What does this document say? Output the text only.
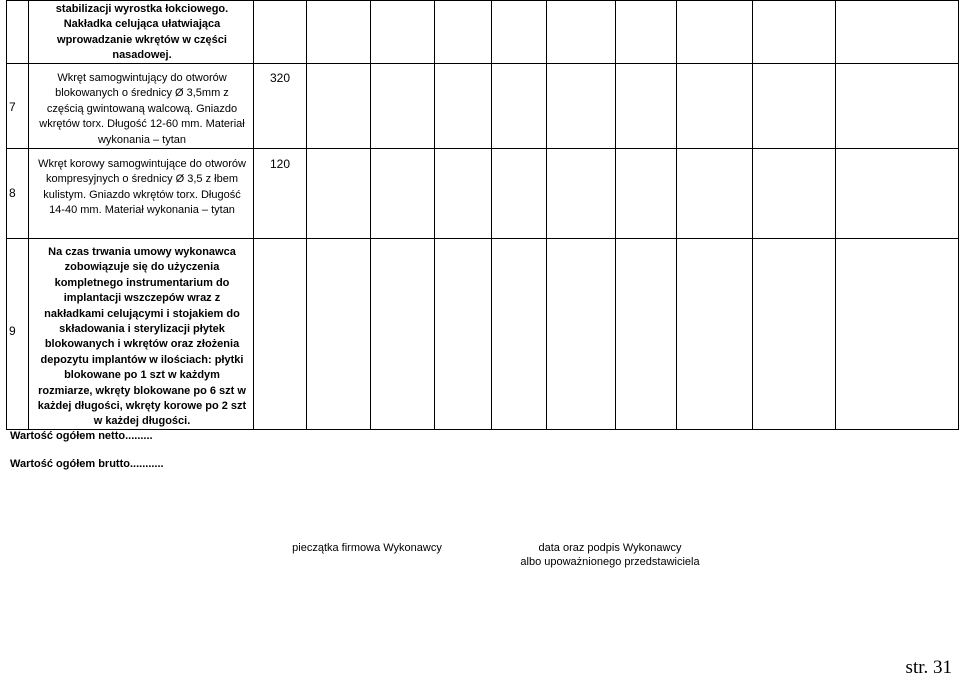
stabilizacji wyrostka łokciowego. Nakładka celująca ułatwiająca wprowadzanie wkrętów w części nasadowej.
7
Wkręt samogwintujący do otworów blokowanych o średnicy Ø 3,5mm z częścią gwintowaną walcową. Gniazdo wkrętów torx. Długość 12-60 mm. Materiał wykonania – tytan
320
8
Wkręt korowy samogwintujące do otworów kompresyjnych o średnicy Ø 3,5 z łbem kulistym. Gniazdo wkrętów torx. Długość 14-40 mm. Materiał wykonania – tytan
120
9
Na czas trwania umowy wykonawca zobowiązuje się do użyczenia kompletnego instrumentarium do implantacji wszczepów wraz z nakładkami celującymi i stojakiem do składowania i sterylizacji płytek blokowanych i wkrętów oraz złożenia depozytu implantów w ilościach: płytki blokowane po 1 szt w każdym rozmiarze, wkręty blokowane po 6 szt w każdej długości, wkręty korowe po 2 szt w każdej długości.
Wartość ogółem netto.........
Wartość ogółem brutto...........
pieczątka firmowa Wykonawcy	data oraz podpis Wykonawcy
albo upoważnionego przedstawiciela
str. 31
